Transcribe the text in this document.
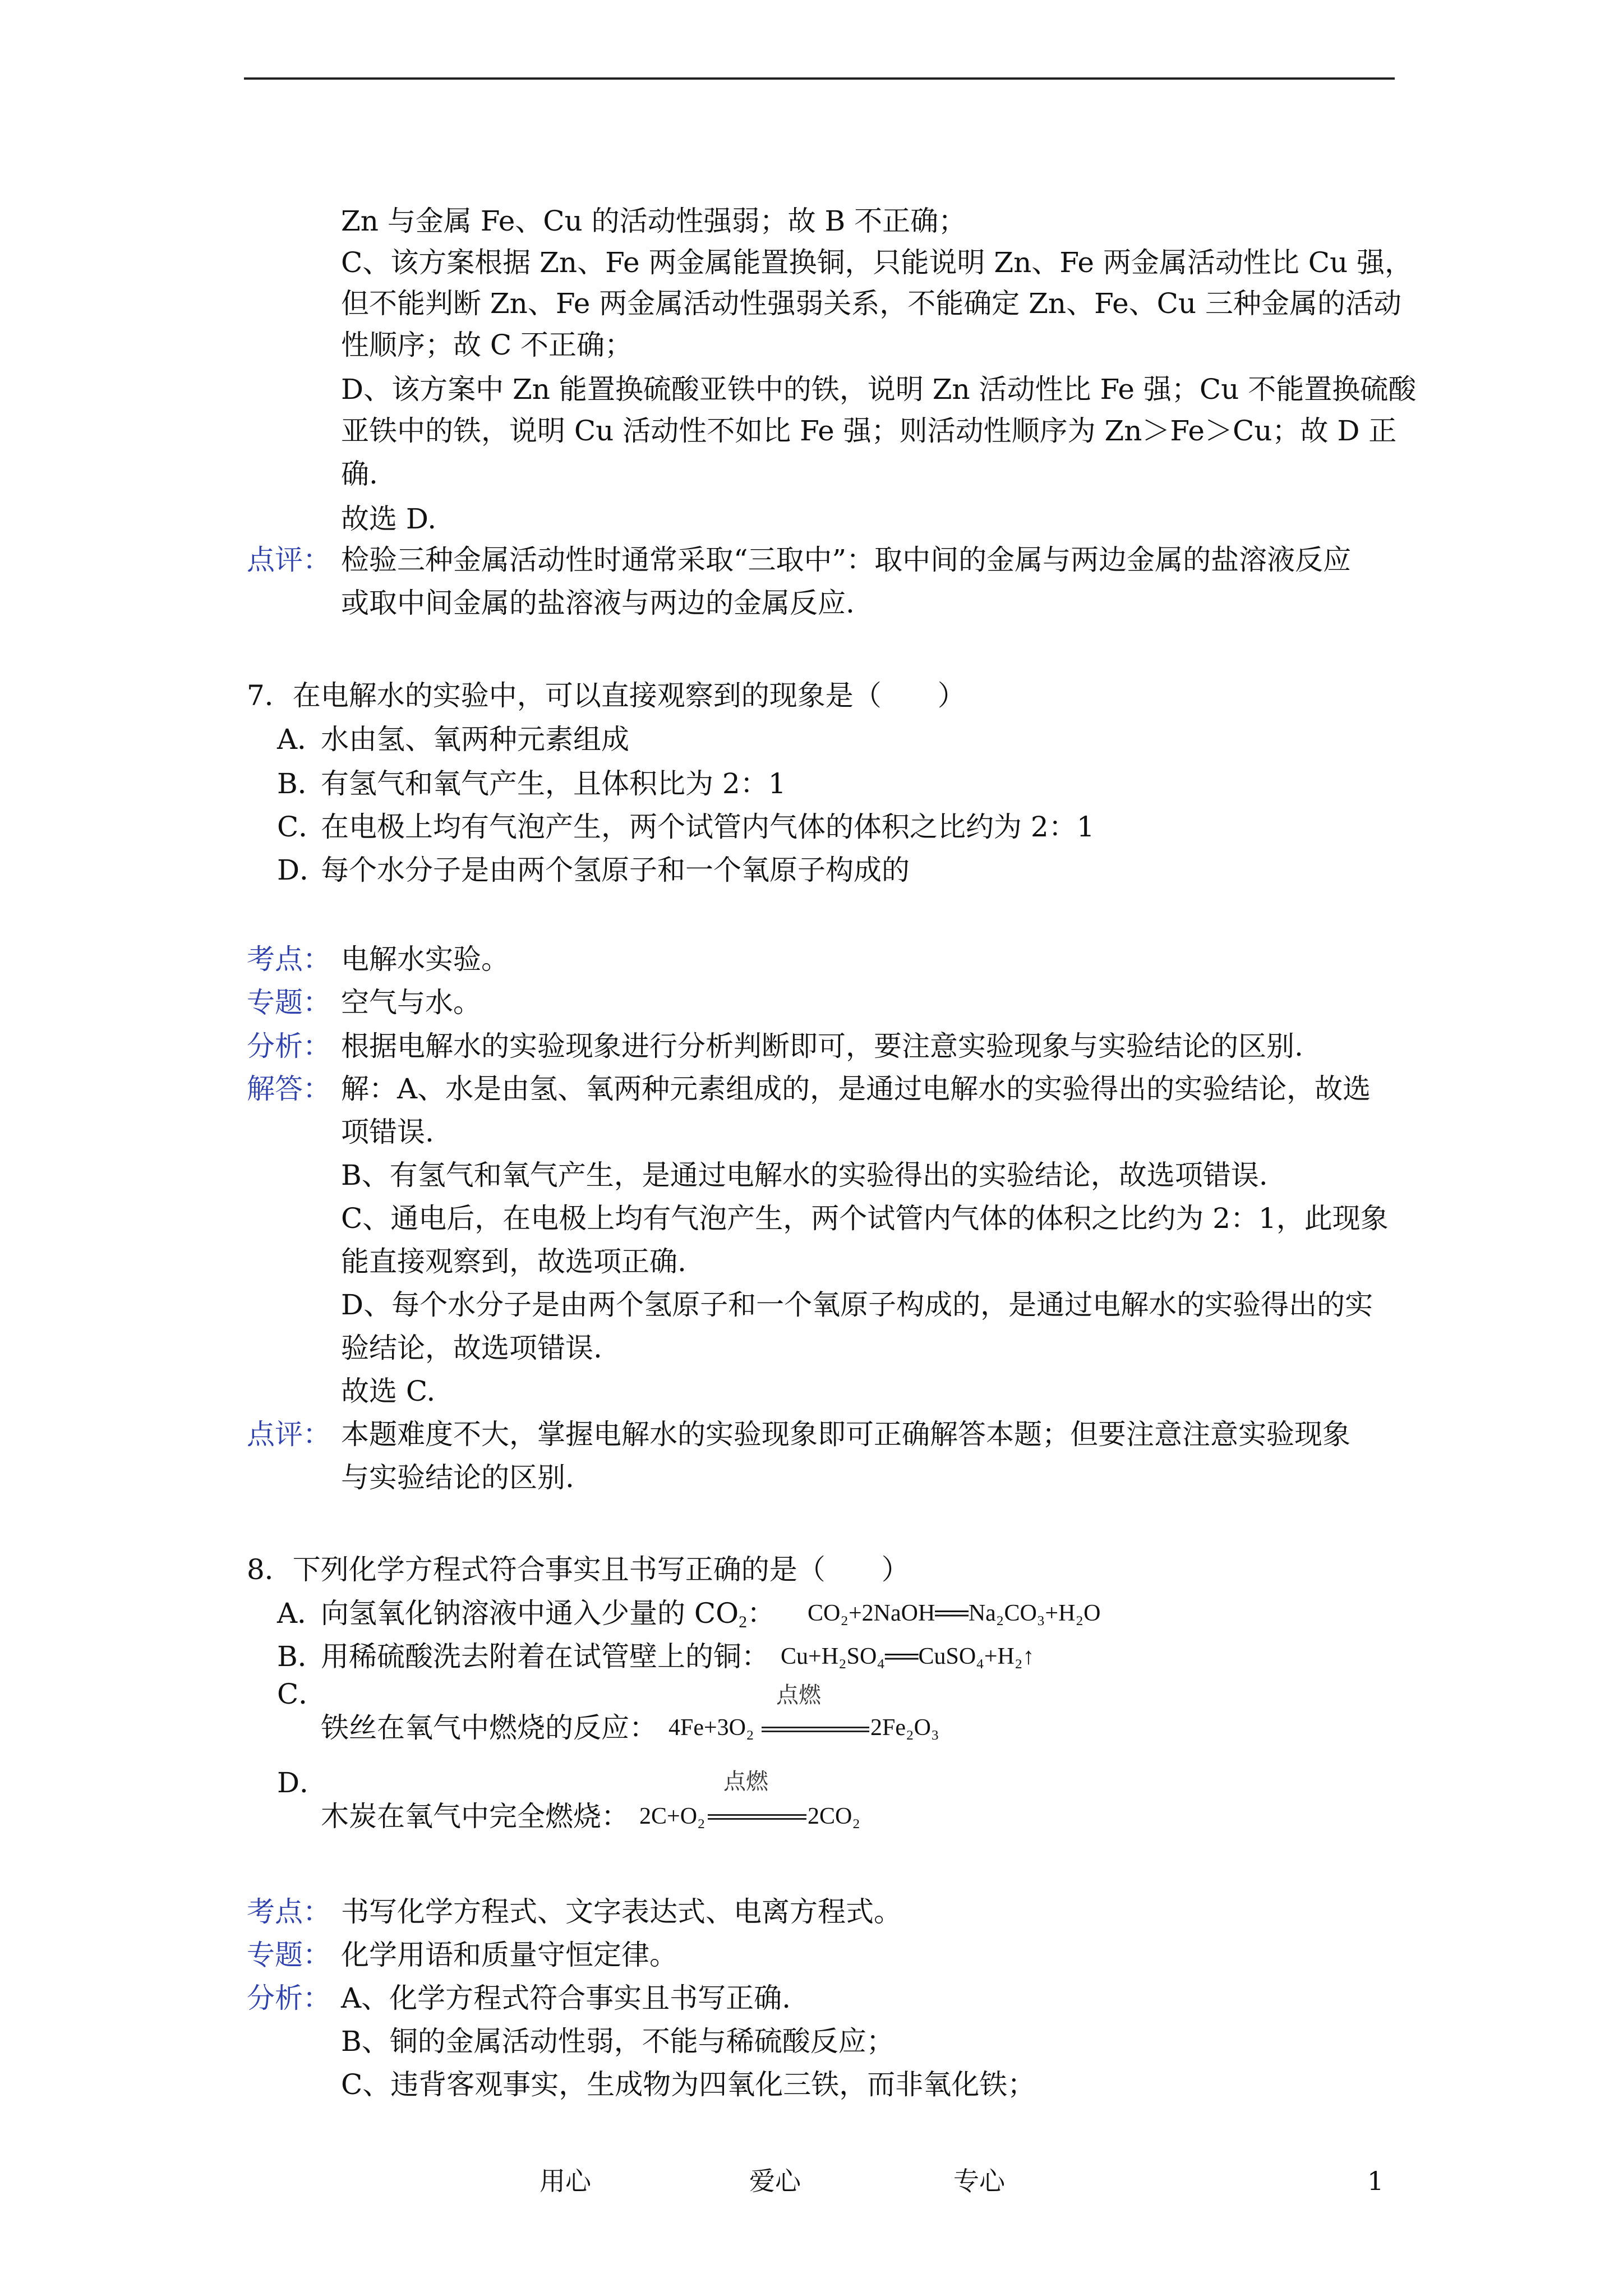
Zn 与金属 Fe、Cu 的活动性强弱；故 B 不正确；
C、该方案根据 Zn、Fe 两金属能置换铜，只能说明 Zn、Fe 两金属活动性比 Cu 强，
但不能判断 Zn、Fe 两金属活动性强弱关系，不能确定 Zn、Fe、Cu 三种金属的活动
性顺序；故 C 不正确；
D、该方案中 Zn 能置换硫酸亚铁中的铁，说明 Zn 活动性比 Fe 强；Cu 不能置换硫酸
亚铁中的铁，说明 Cu 活动性不如比 Fe 强；则活动性顺序为 Zn＞Fe＞Cu；故 D 正
确.
故选 D.
点评： 检验三种金属活动性时通常采取“三取中”：取中间的金属与两边金属的盐溶液反应
或取中间金属的盐溶液与两边的金属反应.
7．在电解水的实验中，可以直接观察到的现象是（　　）
A．
水由氢、氧两种元素组成
B．
有氢气和氧气产生，且体积比为 2：1
C．
在电极上均有气泡产生，两个试管内气体的体积之比约为 2：1
D．
每个水分子是由两个氢原子和一个氧原子构成的
考点： 电解水实验。
专题： 空气与水。
分析： 根据电解水的实验现象进行分析判断即可，要注意实验现象与实验结论的区别.
解答： 解：A、水是由氢、氧两种元素组成的，是通过电解水的实验得出的实验结论，故选
项错误.
B、有氢气和氧气产生，是通过电解水的实验得出的实验结论，故选项错误.
C、通电后，在电极上均有气泡产生，两个试管内气体的体积之比约为 2：1，此现象
能直接观察到，故选项正确.
D、每个水分子是由两个氢原子和一个氧原子构成的，是通过电解水的实验得出的实
验结论，故选项错误.
故选 C.
点评： 本题难度不大，掌握电解水的实验现象即可正确解答本题；但要注意注意实验现象
与实验结论的区别.
8．下列化学方程式符合事实且书写正确的是（　　）
A．
向氢氧化钠溶液中通入少量的 CO2： CO₂+2NaOH══Na₂CO₃+H₂O
B．
用稀硫酸洗去附着在试管壁上的铜： Cu+H₂SO₄══CuSO₄+H₂↑
C．
铁丝在氧气中燃烧的反应： 4Fe+3O₂
点燃
2Fe₂O₃
D．
木炭在氧气中完全燃烧： 2C+O₂
点燃
2CO₂
考点： 书写化学方程式、文字表达式、电离方程式。
专题： 化学用语和质量守恒定律。
分析： A、化学方程式符合事实且书写正确.
B、铜的金属活动性弱，不能与稀硫酸反应；
C、违背客观事实，生成物为四氧化三铁，而非氧化铁；
用心	爱心	专心	1
